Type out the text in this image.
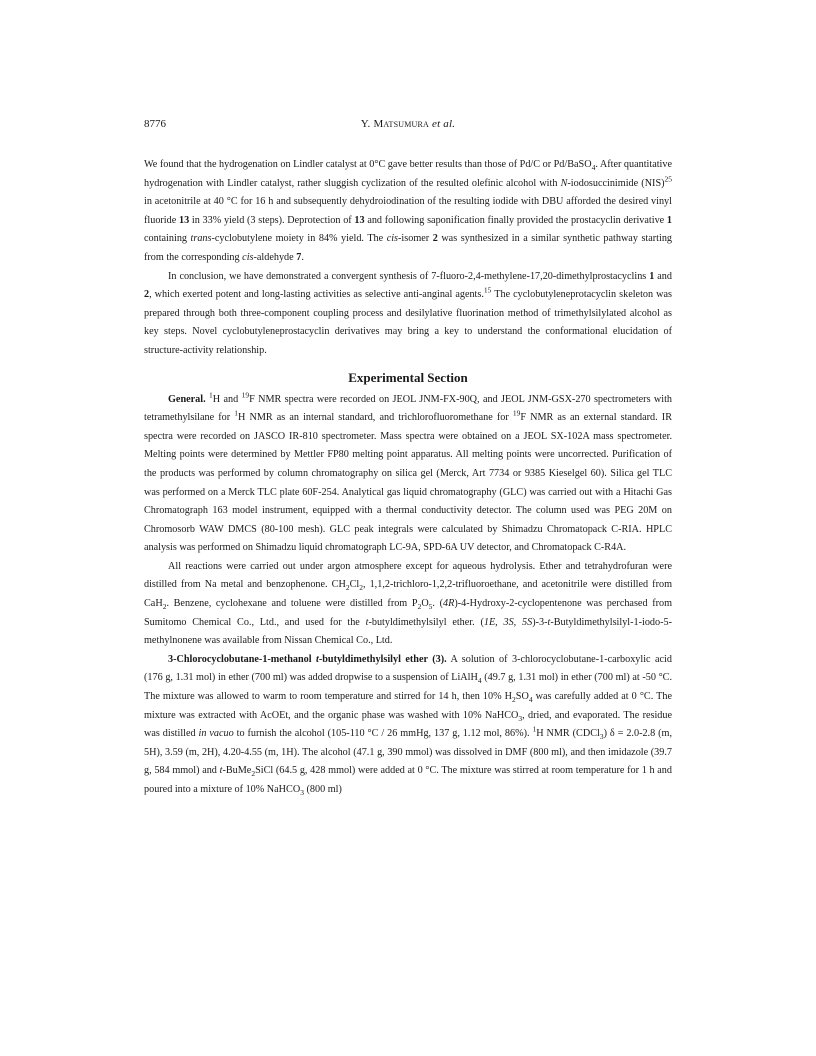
8776	Y. Matsumura et al.

We found that the hydrogenation on Lindler catalyst at 0°C gave better results than those of Pd/C or Pd/BaSO$_4$. After quantitative hydrogenation with Lindler catalyst, rather sluggish cyclization of the resulted olefinic alcohol with N-iodosuccinimide (NIS)$^{25}$ in acetonitrile at 40 °C for 16 h and subsequently dehydroiodination of the resulting iodide with DBU afforded the desired vinyl fluoride 13 in 33% yield (3 steps). Deprotection of 13 and following saponification finally provided the prostacyclin derivative 1 containing trans-cyclobutylene moiety in 84% yield. The cis-isomer 2 was synthesized in a similar synthetic pathway starting from the corresponding cis-aldehyde 7.

In conclusion, we have demonstrated a convergent synthesis of 7-fluoro-2,4-methylene-17,20-dimethylprostacyclins 1 and 2, which exerted potent and long-lasting activities as selective anti-anginal agents.$^{15}$ The cyclobutyleneprotacyclin skeleton was prepared through both three-component coupling process and desilylative fluorination method of trimethylsilylated alcohol as key steps. Novel cyclobutyleneprostacyclin derivatives may bring a key to understand the conformational elucidation of structure-activity relationship.

Experimental Section

General. $^1$H and $^{19}$F NMR spectra were recorded on JEOL JNM-FX-90Q, and JEOL JNM-GSX-270 spectrometers with tetramethylsilane for $^1$H NMR as an internal standard, and trichlorofluoromethane for $^{19}$F NMR as an external standard. IR spectra were recorded on JASCO IR-810 spectrometer. Mass spectra were obtained on a JEOL SX-102A mass spectrometer. Melting points were determined by Mettler FP80 melting point apparatus. All melting points were uncorrected. Purification of the products was performed by column chromatography on silica gel (Merck, Art 7734 or 9385 Kieselgel 60). Silica gel TLC was performed on a Merck TLC plate 60F-254. Analytical gas liquid chromatography (GLC) was carried out with a Hitachi Gas Chromatograph 163 model instrument, equipped with a thermal conductivity detector. The column used was PEG 20M on Chromosorb WAW DMCS (80-100 mesh). GLC peak integrals were calculated by Shimadzu Chromatopack C-RIA. HPLC analysis was performed on Shimadzu liquid chromatograph LC-9A, SPD-6A UV detector, and Chromatopack C-R4A.

All reactions were carried out under argon atmosphere except for aqueous hydrolysis. Ether and tetrahydrofuran were distilled from Na metal and benzophenone. $CH_2Cl_2$, 1,1,2-trichloro-1,2,2-trifluoroethane, and acetonitrile were distilled from CaH$_2$. Benzene, cyclohexane and toluene were distilled from $P_2O_5$. (4R)-4-Hydroxy-2-cyclopentenone was perchased from Sumitomo Chemical Co., Ltd., and used for the t-butyldimethylsilyl ether. (1E, 3S, 5S)-3-t-Butyldimethylsilyl-1-iodo-5-methylnonene was available from Nissan Chemical Co., Ltd.

3-Chlorocyclobutane-1-methanol t-butyldimethylsilyl ether (3). A solution of 3-chlorocyclobutane-1-carboxylic acid (176 g, 1.31 mol) in ether (700 ml) was added dropwise to a suspension of LiAlH$_4$ (49.7 g, 1.31 mol) in ether (700 ml) at -50 °C. The mixture was allowed to warm to room temperature and stirred for 14 h, then 10% $H_2SO_4$ was carefully added at 0 °C. The mixture was extracted with AcOEt, and the organic phase was washed with 10% NaHCO$_3$, dried, and evaporated. The residue was distilled in vacuo to furnish the alcohol (105-110 °C / 26 mmHg, 137 g, 1.12 mol, 86%). $^1$H NMR (CDCl$_3$) δ = 2.0-2.8 (m, 5H), 3.59 (m, 2H), 4.20-4.55 (m, 1H). The alcohol (47.1 g, 390 mmol) was dissolved in DMF (800 ml), and then imidazole (39.7 g, 584 mmol) and t-BuMe$_2$SiCl (64.5 g, 428 mmol) were added at 0 °C. The mixture was stirred at room temperature for 1 h and poured into a mixture of 10% NaHCO$_3$ (800 ml)
